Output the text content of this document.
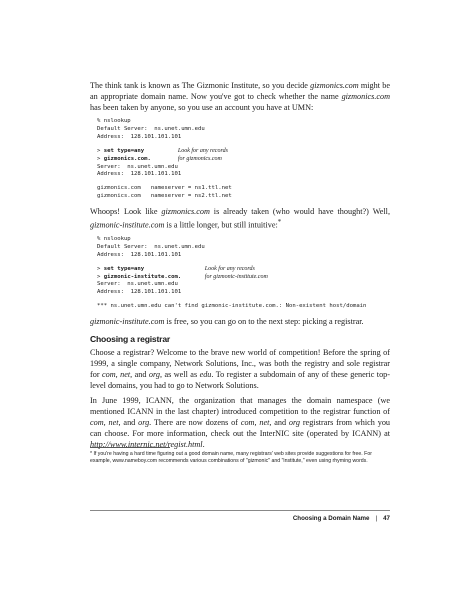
The think tank is known as The Gizmonic Institute, so you decide gizmonics.com might be an appropriate domain name. Now you've got to check whether the name gizmonics.com has been taken by anyone, so you use an account you have at UMN:

% nslookup
Default Server:  ns.unet.umn.edu
Address:  128.101.101.101

> set type=any	Look for any records
> gizmonics.com.	for gizmonics.com
Server:  ns.unet.umn.edu
Address:  128.101.101.101

gizmonics.com   nameserver = ns1.ttl.net
gizmonics.com   nameserver = ns2.ttl.net

Whoops! Look like gizmonics.com is already taken (who would have thought?) Well, gizmonic-institute.com is a little longer, but still intuitive:*

% nslookup
Default Server:  ns.unet.umn.edu
Address:  128.101.101.101

> set type=any	Look for any records
> gizmonic-institute.com.	for gizmonic-institute.com
Server:  ns.unet.umn.edu
Address:  128.101.101.101

*** ns.unet.umn.edu can't find gizmonic-institute.com.: Non-existent host/domain

gizmonic-institute.com is free, so you can go on to the next step: picking a registrar.

Choosing a registrar

Choose a registrar? Welcome to the brave new world of competition! Before the spring of 1999, a single company, Network Solutions, Inc., was both the registry and sole registrar for com, net, and org, as well as edu. To register a subdomain of any of these generic top-level domains, you had to go to Network Solutions.

In June 1999, ICANN, the organization that manages the domain namespace (we mentioned ICANN in the last chapter) introduced competition to the registrar function of com, net, and org. There are now dozens of com, net, and org registrars from which you can choose. For more information, check out the InterNIC site (operated by ICANN) at http://www.internic.net/regist.html.

* If you're having a hard time figuring out a good domain name, many registrars' web sites provide suggestions for free. For example, www.nameboy.com recommends various combinations of "gizmonic" and "institute," even using rhyming words.
Choosing a Domain Name | 47
